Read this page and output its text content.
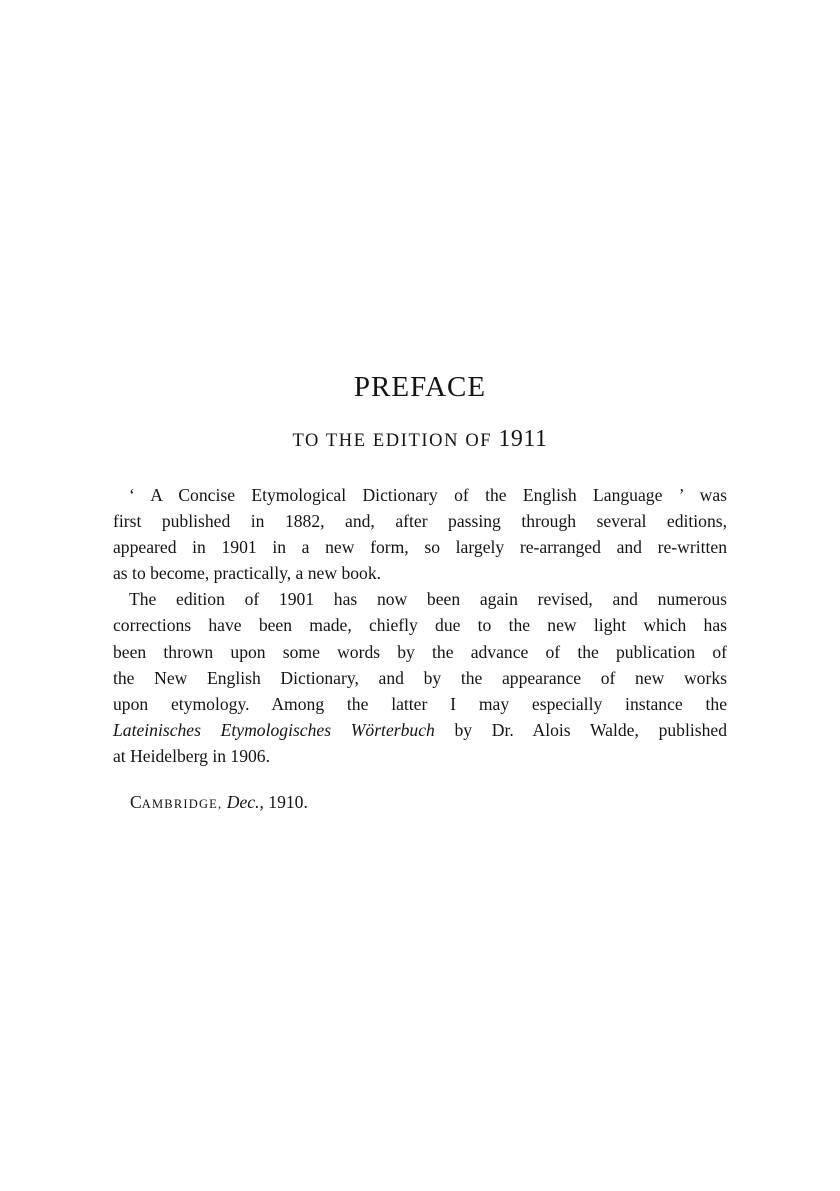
PREFACE
TO THE EDITION OF 1911

‘ A Concise Etymological Dictionary of the English Language ’ was
first published in 1882, and, after passing through several editions,
appeared in 1901 in a new form, so largely re-arranged and re-written
as to become, practically, a new book.

The edition of 1901 has now been again revised, and numerous
corrections have been made, chiefly due to the new light which has
been thrown upon some words by the advance of the publication of
the New English Dictionary, and by the appearance of new works
upon etymology. Among the latter I may especially instance the
Lateinisches Etymologisches Wörterbuch by Dr. Alois Walde, published
at Heidelberg in 1906.

CAMBRIDGE, Dec., 1910.
